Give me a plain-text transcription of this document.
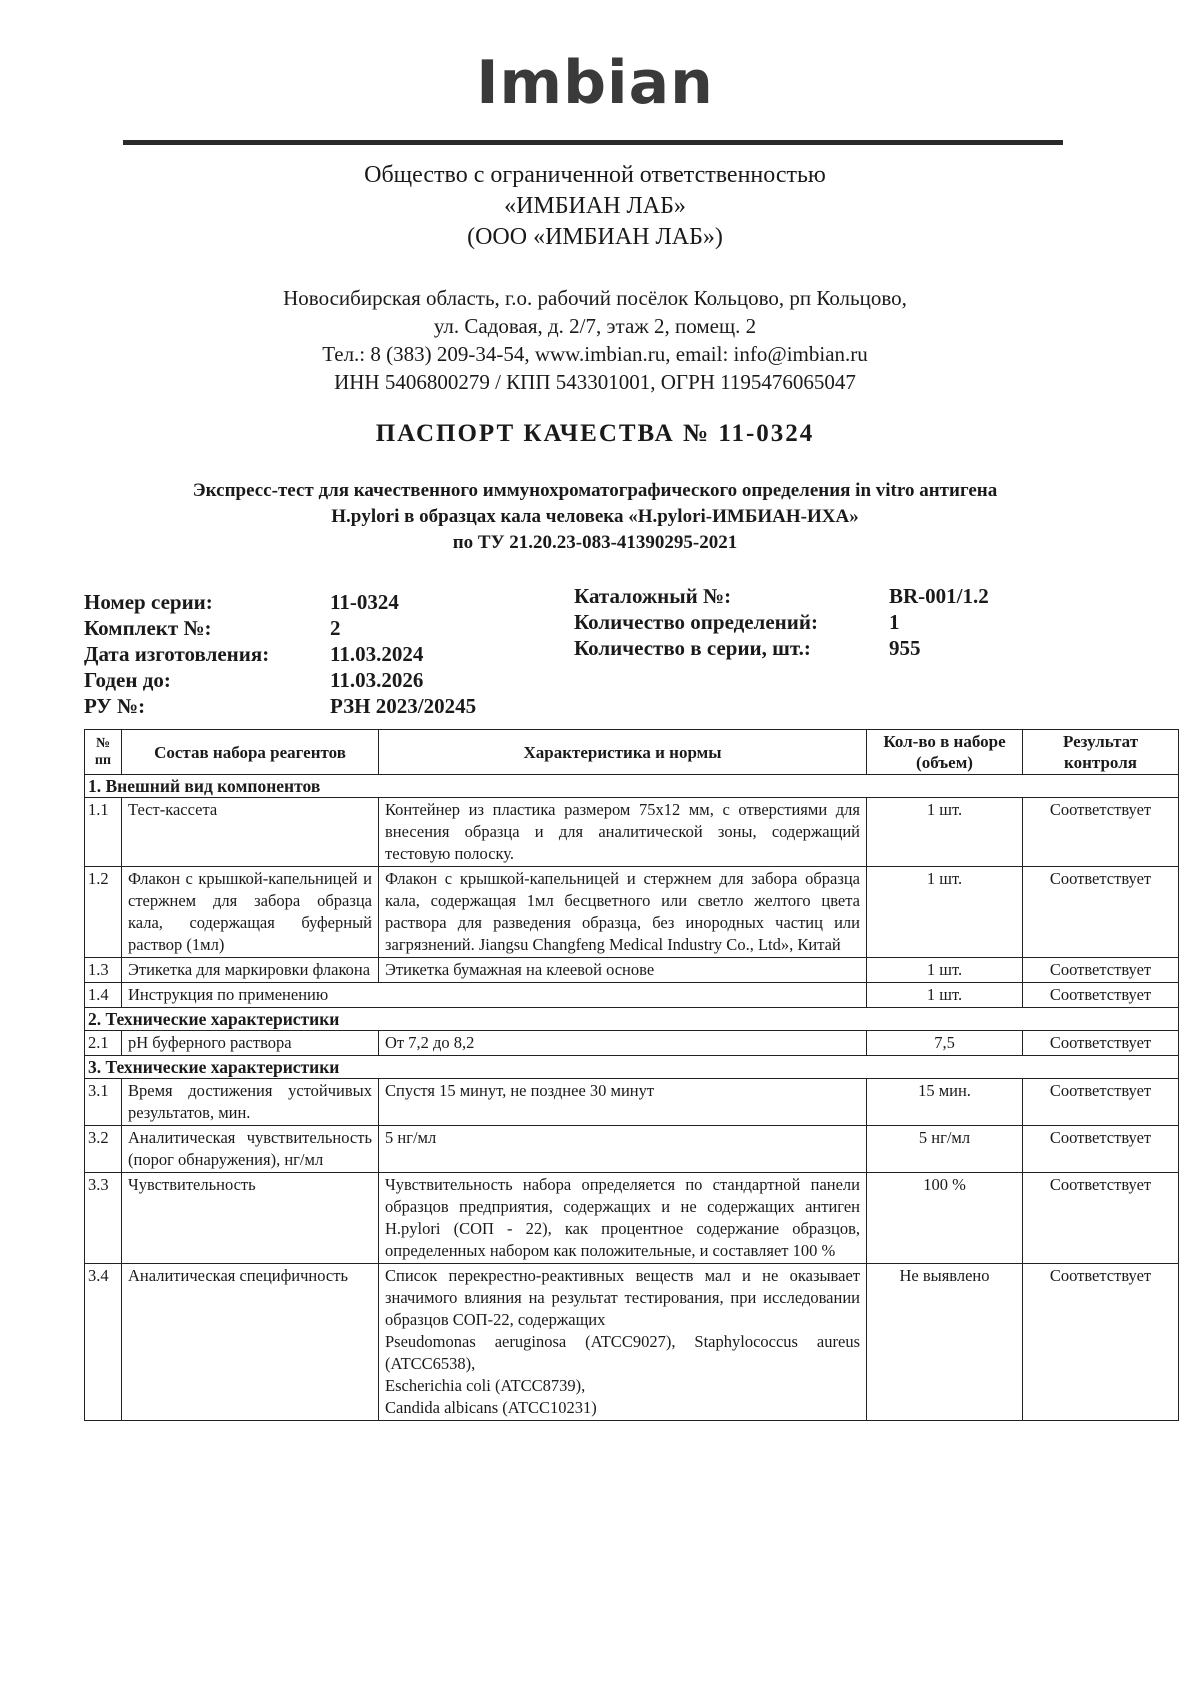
Imbian
Общество с ограниченной ответственностью
«ИМБИАН ЛАБ»
(ООО «ИМБИАН ЛАБ»)
Новосибирская область, г.о. рабочий посёлок Кольцово, рп Кольцово,
ул. Садовая, д. 2/7, этаж 2, помещ. 2
Тел.: 8 (383) 209-34-54, www.imbian.ru, email: info@imbian.ru
ИНН 5406800279 / КПП 543301001, ОГРН 1195476065047
ПАСПОРТ КАЧЕСТВА № 11-0324
Экспресс-тест для качественного иммунохроматографического определения in vitro антигена
H.pylori в образцах кала человека «H.pylori-ИМБИАН-ИХА»
по ТУ 21.20.23-083-41390295-2021
Номер серии:	11-0324	Каталожный №:	BR-001/1.2
Комплект №:	2	Количество определений:	1
Дата изготовления:	11.03.2024	Количество в серии, шт.:	955
Годен до:	11.03.2026
РУ №:	РЗН 2023/20245
№ пп	Состав набора реагентов	Характеристика и нормы	Кол-во в наборе (объем)	Результат контроля
1. Внешний вид компонентов				
1.1	Тест-кассета	Контейнер из пластика размером 75x12 мм, с отверстиями для внесения образца и для аналитической зоны, содержащий тестовую полоску.	1 шт.	Соответствует
1.2	Флакон с крышкой-капельницей и стержнем для забора образца кала, содержащая буферный раствор (1мл)	Флакон с крышкой-капельницей и стержнем для забора образца кала, содержащая 1мл бесцветного или светло желтого цвета раствора для разведения образца, без инородных частиц или загрязнений. Jiangsu Changfeng Medical Industry Co., Ltd», Китай	1 шт.	Соответствует
1.3	Этикетка для маркировки флакона	Этикетка бумажная на клеевой основе	1 шт.	Соответствует
1.4	Инструкция по применению		1 шт.	Соответствует
2. Технические характеристики				
2.1	pH буферного раствора	От 7,2 до 8,2	7,5	Соответствует
3. Технические характеристики				
3.1	Время достижения устойчивых результатов, мин.	Спустя 15 минут, не позднее 30 минут	15 мин.	Соответствует
3.2	Аналитическая чувствительность (порог обнаружения), нг/мл	5 нг/мл	5 нг/мл	Соответствует
3.3	Чувствительность	Чувствительность набора определяется по стандартной панели образцов предприятия, содержащих и не содержащих антиген H.pylori (СОП - 22), как процентное содержание образцов, определенных набором как положительные, и составляет 100 %	100 %	Соответствует
3.4	Аналитическая специфичность	Список перекрестно-реактивных веществ мал и не оказывает значимого влияния на результат тестирования, при исследовании образцов СОП-22, содержащих
Pseudomonas aeruginosa (ATCC9027), Staphylococcus aureus (ATCC6538),
Escherichia coli (ATCC8739),
Candida albicans (ATCC10231)	Не выявлено	Соответствует
